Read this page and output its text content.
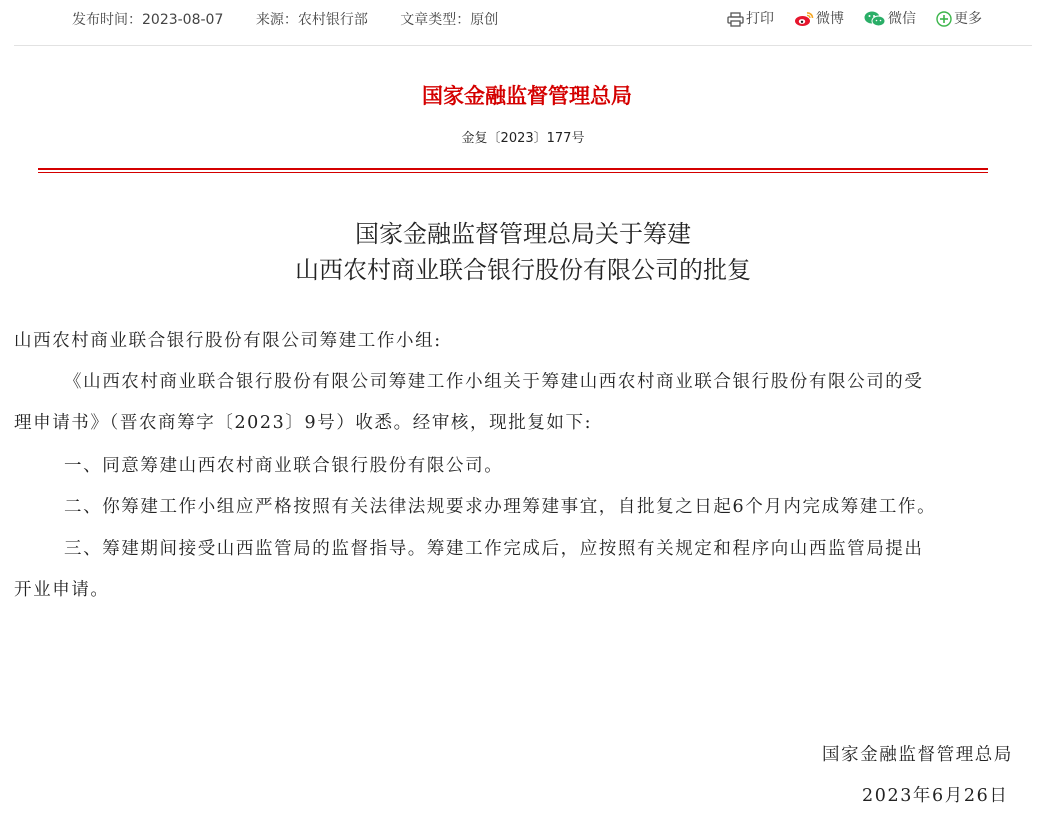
发布时间：2023-08-07 来源：农村银行部 文章类型：原创	打印	微博	微信	更多
国家金融监督管理总局
金复〔2023〕177号
国家金融监督管理总局关于筹建
山西农村商业联合银行股份有限公司的批复
山西农村商业联合银行股份有限公司筹建工作小组:
《山西农村商业联合银行股份有限公司筹建工作小组关于筹建山西农村商业联合银行股份有限公司的受
理申请书》（晋农商筹字〔2023〕9号）收悉。经审核，现批复如下:
一、同意筹建山西农村商业联合银行股份有限公司。
二、你筹建工作小组应严格按照有关法律法规要求办理筹建事宜，自批复之日起6个月内完成筹建工作。
三、筹建期间接受山西监管局的监督指导。筹建工作完成后，应按照有关规定和程序向山西监管局提出
开业申请。
国家金融监督管理总局
2023年6月26日
